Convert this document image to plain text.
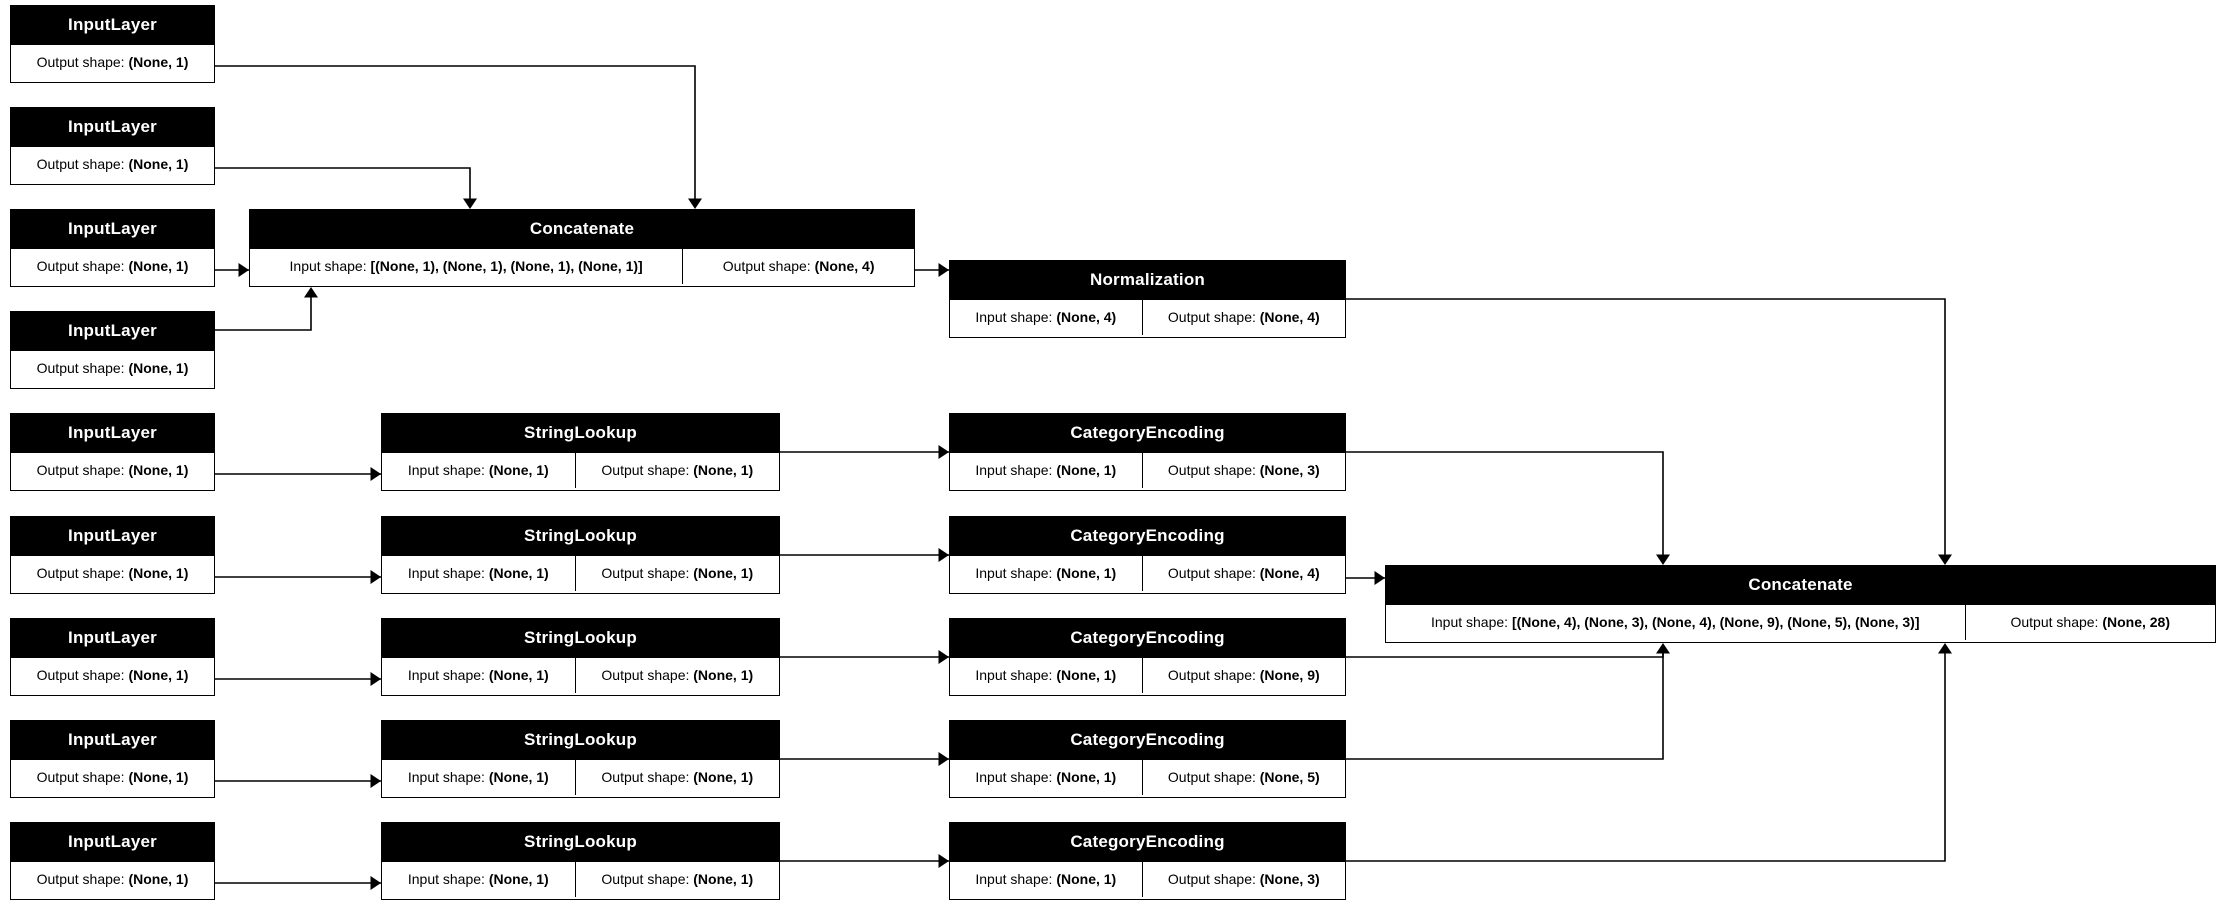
InputLayer
Output shape: (None, 1)
InputLayer
Output shape: (None, 1)
InputLayer
Output shape: (None, 1)
InputLayer
Output shape: (None, 1)
Concatenate
Input shape: [(None, 1), (None, 1), (None, 1), (None, 1)]	Output shape: (None, 4)
Normalization
Input shape: (None, 4)	Output shape: (None, 4)
InputLayer
Output shape: (None, 1)
InputLayer
Output shape: (None, 1)
InputLayer
Output shape: (None, 1)
InputLayer
Output shape: (None, 1)
InputLayer
Output shape: (None, 1)
StringLookup
Input shape: (None, 1)	Output shape: (None, 1)
StringLookup
Input shape: (None, 1)	Output shape: (None, 1)
StringLookup
Input shape: (None, 1)	Output shape: (None, 1)
StringLookup
Input shape: (None, 1)	Output shape: (None, 1)
StringLookup
Input shape: (None, 1)	Output shape: (None, 1)
CategoryEncoding
Input shape: (None, 1)	Output shape: (None, 3)
CategoryEncoding
Input shape: (None, 1)	Output shape: (None, 4)
CategoryEncoding
Input shape: (None, 1)	Output shape: (None, 9)
CategoryEncoding
Input shape: (None, 1)	Output shape: (None, 5)
CategoryEncoding
Input shape: (None, 1)	Output shape: (None, 3)
Concatenate
Input shape: [(None, 4), (None, 3), (None, 4), (None, 9), (None, 5), (None, 3)]	Output shape: (None, 28)
